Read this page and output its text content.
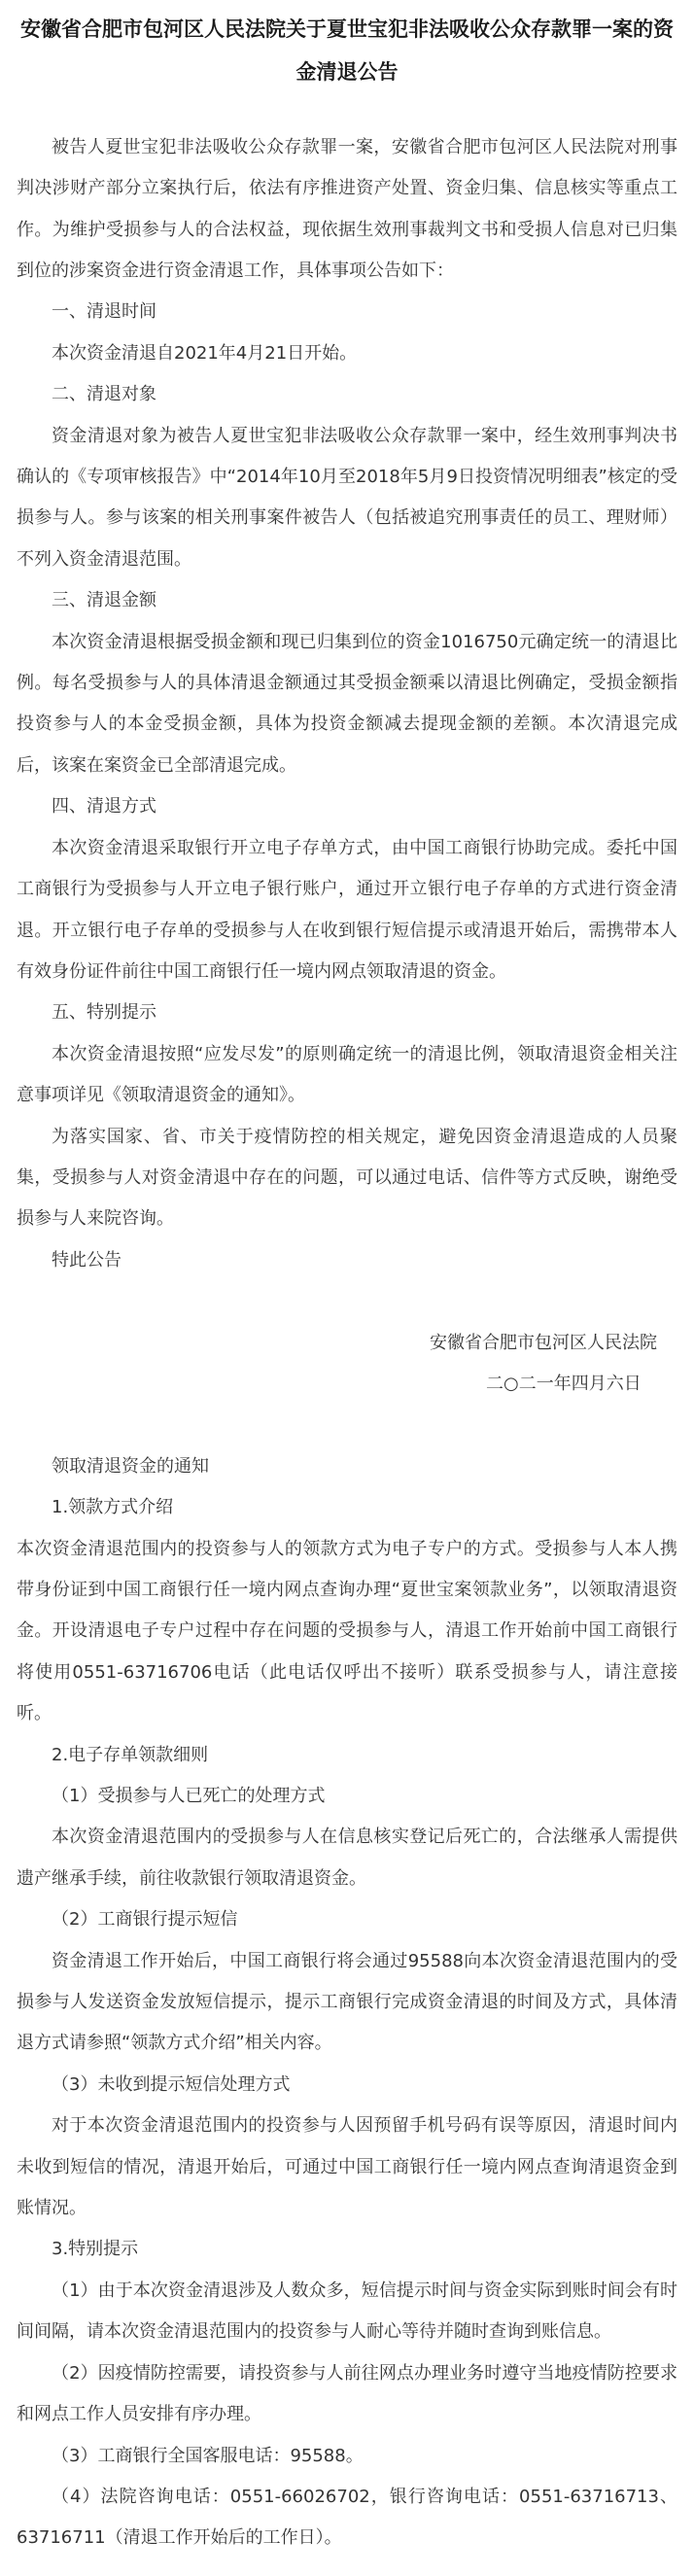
安徽省合肥市包河区人民法院关于夏世宝犯非法吸收公众存款罪一案的资金清退公告

被告人夏世宝犯非法吸收公众存款罪一案，安徽省合肥市包河区人民法院对刑事判决涉财产部分立案执行后，依法有序推进资产处置、资金归集、信息核实等重点工作。为维护受损参与人的合法权益，现依据生效刑事裁判文书和受损人信息对已归集到位的涉案资金进行资金清退工作，具体事项公告如下：

一、清退时间

本次资金清退自2021年4月21日开始。

二、清退对象

资金清退对象为被告人夏世宝犯非法吸收公众存款罪一案中，经生效刑事判决书确认的《专项审核报告》中“2014年10月至2018年5月9日投资情况明细表”核定的受损参与人。参与该案的相关刑事案件被告人（包括被追究刑事责任的员工、理财师）不列入资金清退范围。

三、清退金额

本次资金清退根据受损金额和现已归集到位的资金1016750元确定统一的清退比例。每名受损参与人的具体清退金额通过其受损金额乘以清退比例确定，受损金额指投资参与人的本金受损金额，具体为投资金额减去提现金额的差额。本次清退完成后，该案在案资金已全部清退完成。

四、清退方式

本次资金清退采取银行开立电子存单方式，由中国工商银行协助完成。委托中国工商银行为受损参与人开立电子银行账户，通过开立银行电子存单的方式进行资金清退。开立银行电子存单的受损参与人在收到银行短信提示或清退开始后，需携带本人有效身份证件前往中国工商银行任一境内网点领取清退的资金。

五、特别提示

本次资金清退按照“应发尽发”的原则确定统一的清退比例，领取清退资金相关注意事项详见《领取清退资金的通知》。

为落实国家、省、市关于疫情防控的相关规定，避免因资金清退造成的人员聚集，受损参与人对资金清退中存在的问题，可以通过电话、信件等方式反映，谢绝受损参与人来院咨询。

特此公告

安徽省合肥市包河区人民法院

二○二一年四月六日

领取清退资金的通知

1.领款方式介绍

本次资金清退范围内的投资参与人的领款方式为电子专户的方式。受损参与人本人携带身份证到中国工商银行任一境内网点查询办理“夏世宝案领款业务”，以领取清退资金。开设清退电子专户过程中存在问题的受损参与人，清退工作开始前中国工商银行将使用0551-63716706电话（此电话仅呼出不接听）联系受损参与人，请注意接听。

2.电子存单领款细则

（1）受损参与人已死亡的处理方式

本次资金清退范围内的受损参与人在信息核实登记后死亡的，合法继承人需提供遗产继承手续，前往收款银行领取清退资金。

（2）工商银行提示短信

资金清退工作开始后，中国工商银行将会通过95588向本次资金清退范围内的受损参与人发送资金发放短信提示，提示工商银行完成资金清退的时间及方式，具体清退方式请参照“领款方式介绍”相关内容。

（3）未收到提示短信处理方式

对于本次资金清退范围内的投资参与人因预留手机号码有误等原因，清退时间内未收到短信的情况，清退开始后，可通过中国工商银行任一境内网点查询清退资金到账情况。

3.特别提示

（1）由于本次资金清退涉及人数众多，短信提示时间与资金实际到账时间会有时间间隔，请本次资金清退范围内的投资参与人耐心等待并随时查询到账信息。

（2）因疫情防控需要，请投资参与人前往网点办理业务时遵守当地疫情防控要求和网点工作人员安排有序办理。

（3）工商银行全国客服电话：95588。

（4）法院咨询电话：0551-66026702，银行咨询电话：0551-63716713、63716711（清退工作开始后的工作日）。
